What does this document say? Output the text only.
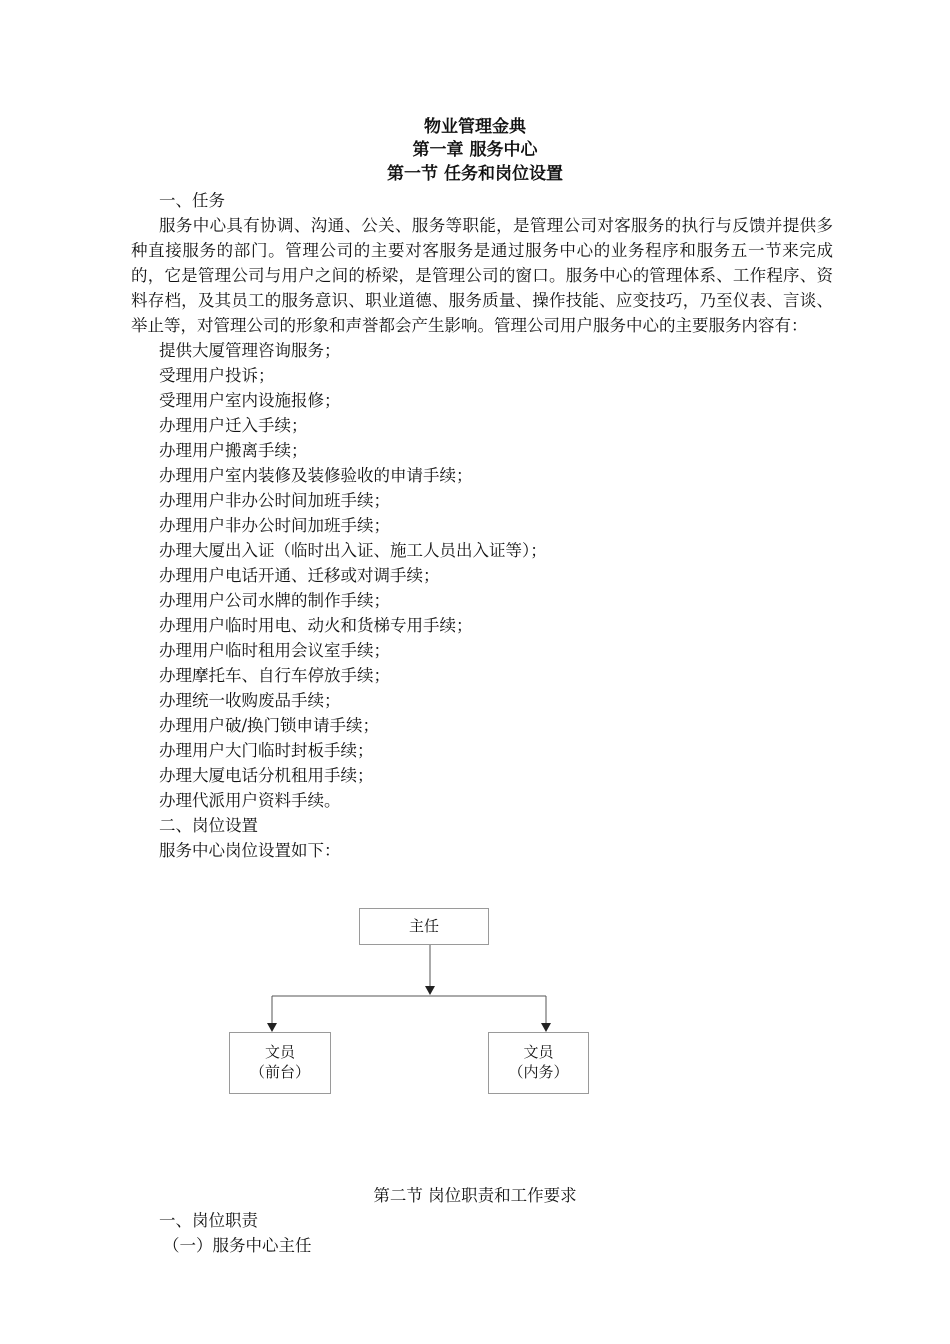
物业管理金典
第一章 服务中心
第一节 任务和岗位设置

一、任务

服务中心具有协调、沟通、公关、服务等职能，是管理公司对客服务的执行与反馈并提供多种直接服务的部门。管理公司的主要对客服务是通过服务中心的业务程序和服务五一节来完成的，它是管理公司与用户之间的桥梁，是管理公司的窗口。服务中心的管理体系、工作程序、资料存档，及其员工的服务意识、职业道德、服务质量、操作技能、应变技巧，乃至仪表、言谈、举止等，对管理公司的形象和声誉都会产生影响。管理公司用户服务中心的主要服务内容有：

提供大厦管理咨询服务；

受理用户投诉；

受理用户室内设施报修；

办理用户迁入手续；

办理用户搬离手续；

办理用户室内装修及装修验收的申请手续；

办理用户非办公时间加班手续；

办理用户非办公时间加班手续；

办理大厦出入证（临时出入证、施工人员出入证等）；

办理用户电话开通、迁移或对调手续；

办理用户公司水牌的制作手续；

办理用户临时用电、动火和货梯专用手续；

办理用户临时租用会议室手续；

办理摩托车、自行车停放手续；

办理统一收购废品手续；

办理用户破/换门锁申请手续；

办理用户大门临时封板手续；

办理大厦电话分机租用手续；

办理代派用户资料手续。

二、岗位设置

服务中心岗位设置如下：

主任
文员
（前台）
文员
（内务）
第二节 岗位职责和工作要求

一、岗位职责

（一）服务中心主任
